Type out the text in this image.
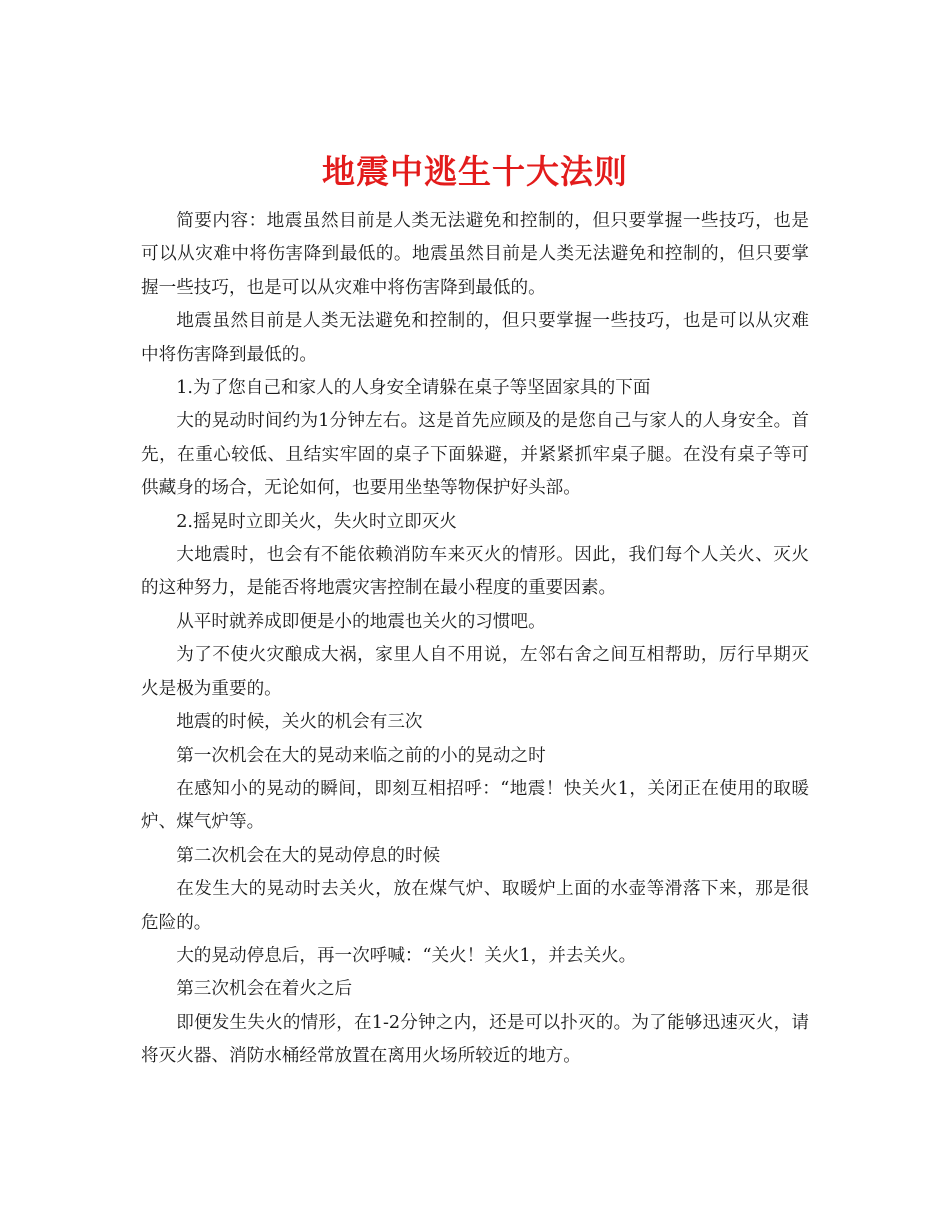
地震中逃生十大法则

简要内容：地震虽然目前是人类无法避免和控制的，但只要掌握一些技巧，也是可以从灾难中将伤害降到最低的。地震虽然目前是人类无法避免和控制的，但只要掌握一些技巧，也是可以从灾难中将伤害降到最低的。

地震虽然目前是人类无法避免和控制的，但只要掌握一些技巧，也是可以从灾难中将伤害降到最低的。

1.为了您自己和家人的人身安全请躲在桌子等坚固家具的下面

大的晃动时间约为1分钟左右。这是首先应顾及的是您自己与家人的人身安全。首先，在重心较低、且结实牢固的桌子下面躲避，并紧紧抓牢桌子腿。在没有桌子等可供藏身的场合，无论如何，也要用坐垫等物保护好头部。

2.摇晃时立即关火，失火时立即灭火

大地震时，也会有不能依赖消防车来灭火的情形。因此，我们每个人关火、灭火的这种努力，是能否将地震灾害控制在最小程度的重要因素。

从平时就养成即便是小的地震也关火的习惯吧。

为了不使火灾酿成大祸，家里人自不用说，左邻右舍之间互相帮助，厉行早期灭火是极为重要的。

地震的时候，关火的机会有三次

第一次机会在大的晃动来临之前的小的晃动之时

在感知小的晃动的瞬间，即刻互相招呼：“地震！快关火1，关闭正在使用的取暖炉、煤气炉等。

第二次机会在大的晃动停息的时候

在发生大的晃动时去关火，放在煤气炉、取暖炉上面的水壶等滑落下来，那是很危险的。

大的晃动停息后，再一次呼喊：“关火！关火1，并去关火。

第三次机会在着火之后

即便发生失火的情形，在1-2分钟之内，还是可以扑灭的。为了能够迅速灭火，请将灭火器、消防水桶经常放置在离用火场所较近的地方。
